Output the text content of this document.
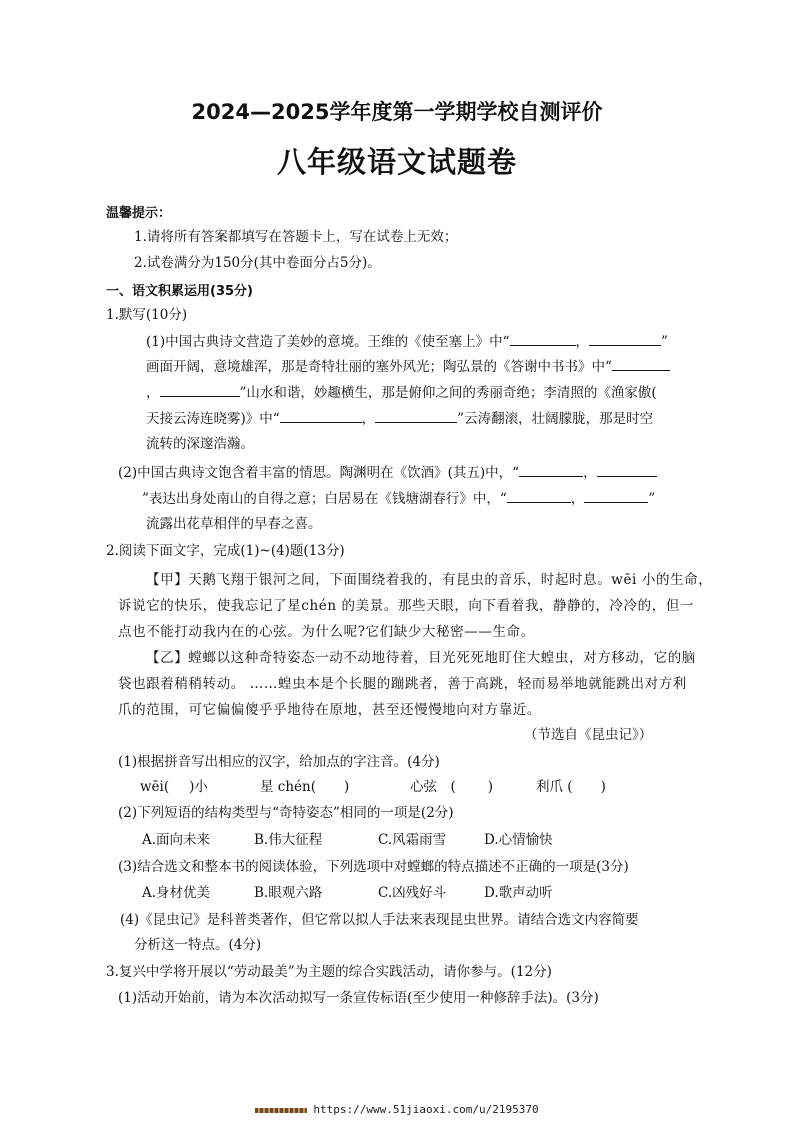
2024—2025学年度第一学期学校自测评价
八年级语文试题卷
温馨提示：
1.请将所有答案都填写在答题卡上，写在试卷上无效；
2.试卷满分为150分(其中卷面分占5分)。
一、语文积累运用(35分)
1.默写(10分)
(1)中国古典诗文营造了美妙的意境。王维的《使至塞上》中“	，	”
画面开阔，意境雄浑，那是奇特壮丽的塞外风光；陶弘景的《答谢中书书》中“
，	”山水和谐，妙趣横生，那是俯仰之间的秀丽奇绝；李清照的《渔家傲(
天接云涛连晓雾)》中“	，	”云涛翻滚，壮阔朦胧，那是时空
流转的深邃浩瀚。
(2)中国古典诗文饱含着丰富的情思。陶渊明在《饮酒》(其五)中，“	，
”表达出身处南山的自得之意；白居易在《钱塘湖春行》中，“	，	”
流露出花草相伴的早春之喜。
2.阅读下面文字，完成(1)~(4)题(13分)
【甲】天鹅飞翔于银河之间，下面围绕着我的，有昆虫的音乐，时起时息。wēi 小的生命，
诉说它的快乐，使我忘记了星chén 的美景。那些天眼，向下看着我，静静的，冷冷的，但一
点也不能打动我内在的心弦。为什么呢?它们缺少大秘密——生命。
【乙】螳螂以这种奇特姿态一动不动地待着，目光死死地盯住大蝗虫，对方移动，它的脑
袋也跟着稍稍转动。 ……蝗虫本是个长腿的蹦跳者，善于高跳，轻而易举地就能跳出对方利
爪的范围，可它偏偏傻乎乎地待在原地，甚至还慢慢地向对方靠近。
（节选自《昆虫记》）
(1)根据拼音写出相应的汉字，给加点的字注音。(4分)
wēi( )小	星 chén( )	心弦　( )	利爪 ( )
(2)下列短语的结构类型与“奇特姿态”相同的一项是(2分)
A.面向未来	B.伟大征程	C.风霜雨雪	D.心情愉快
(3)结合选文和整本书的阅读体验，下列选项中对螳螂的特点描述不正确的一项是(3分)
A.身材优美	B.眼观六路	C.凶残好斗	D.歌声动听
(4)《昆虫记》是科普类著作，但它常以拟人手法来表现昆虫世界。请结合选文内容简要
分析这一特点。(4分)
3.复兴中学将开展以“劳动最美”为主题的综合实践活动，请你参与。(12分)
(1)活动开始前，请为本次活动拟写一条宣传标语(至少使用一种修辞手法)。(3分)
https://www.51jiaoxi.com/u/2195370
